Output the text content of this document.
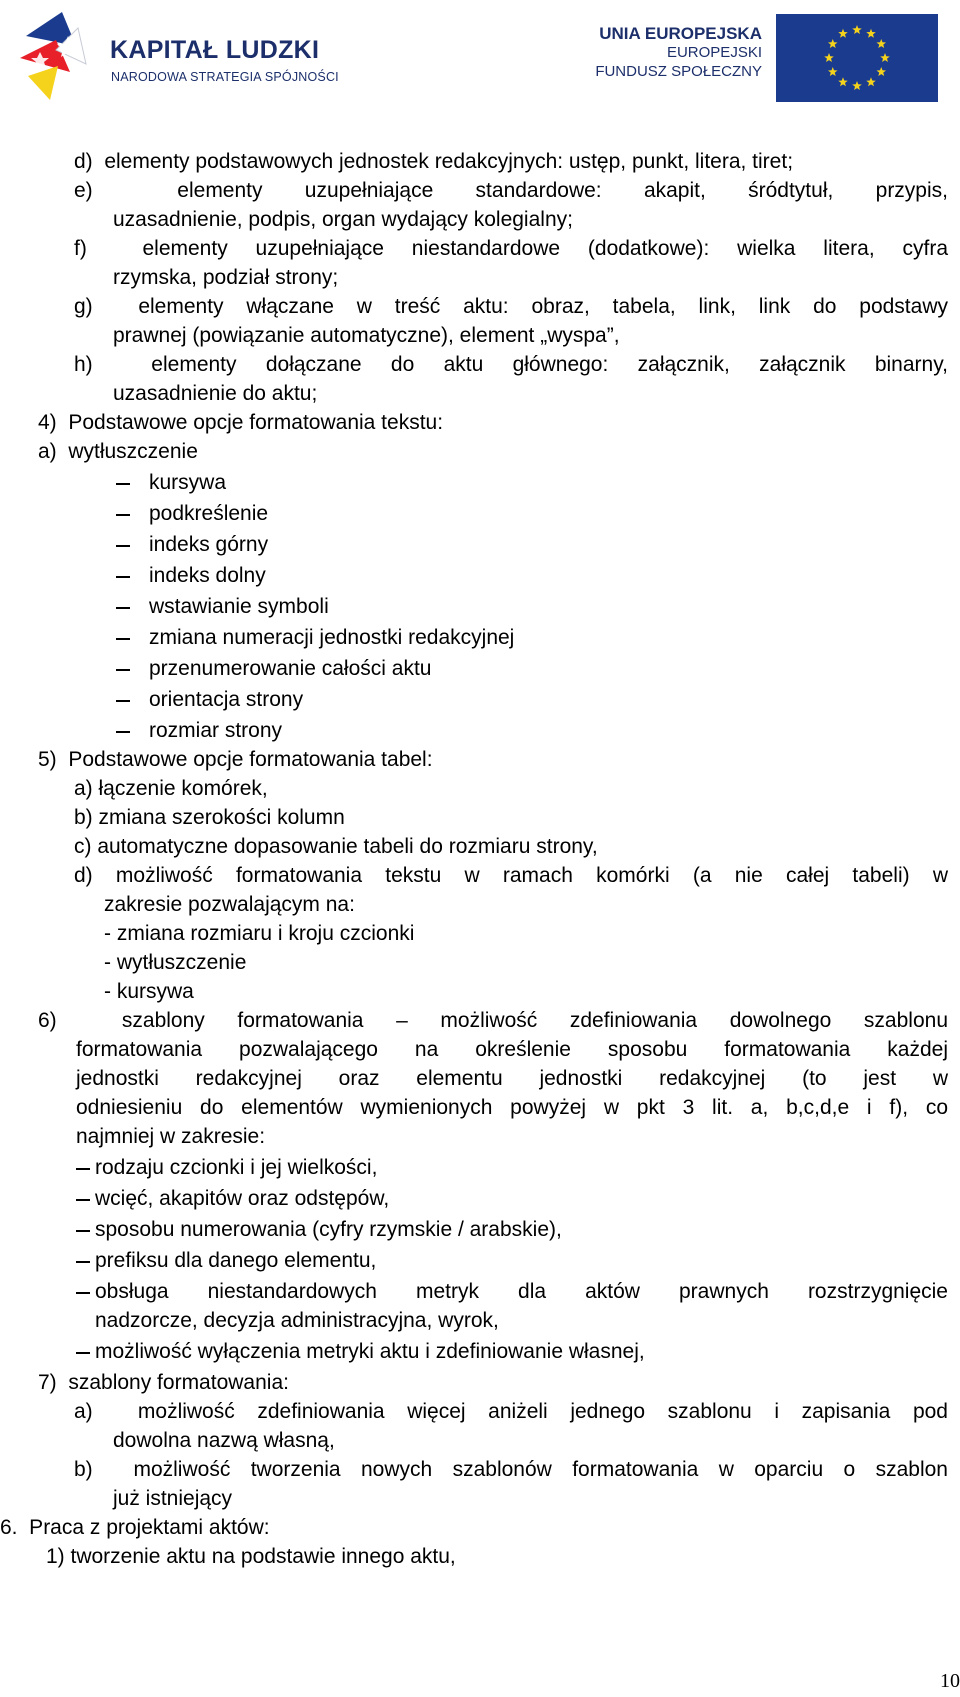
KAPITAŁ LUDZKI
NARODOWA STRATEGIA SPÓJNOŚCI
UNIA EUROPEJSKA
EUROPEJSKI
FUNDUSZ SPOŁECZNY
d)  elementy podstawowych jednostek redakcyjnych: ustęp, punkt, litera, tiret;
e)  elementy uzupełniające standardowe: akapit, śródtytuł, przypis,
uzasadnienie, podpis, organ wydający kolegialny;
f)  elementy uzupełniające niestandardowe (dodatkowe): wielka litera, cyfra
rzymska, podział strony;
g)  elementy włączane w treść aktu: obraz, tabela, link, link do podstawy
prawnej (powiązanie automatyczne), element „wyspa”,
h)  elementy dołączane do aktu głównego: załącznik, załącznik binarny,
uzasadnienie do aktu;
4)  Podstawowe opcje formatowania tekstu:
a)  wytłuszczenie
kursywa
podkreślenie
indeks górny
indeks dolny
wstawianie symboli
zmiana numeracji jednostki redakcyjnej
przenumerowanie całości aktu
orientacja strony
rozmiar strony
5)  Podstawowe opcje formatowania tabel:
a) łączenie komórek,
b) zmiana szerokości kolumn
c) automatyczne dopasowanie tabeli do rozmiaru strony,
d) możliwość formatowania tekstu w ramach komórki (a nie całej tabeli) w
zakresie pozwalającym na:
- zmiana rozmiaru i kroju czcionki
- wytłuszczenie
- kursywa
6)  szablony formatowania – możliwość zdefiniowania dowolnego szablonu
formatowania pozwalającego na określenie sposobu formatowania każdej
jednostki redakcyjnej oraz elementu jednostki redakcyjnej (to jest w
odniesieniu do elementów wymienionych powyżej w pkt 3 lit. a, b,c,d,e i f), co
najmniej w zakresie:
rodzaju czcionki i jej wielkości,
wcięć, akapitów oraz odstępów,
sposobu numerowania (cyfry rzymskie / arabskie),
prefiksu dla danego elementu,
obsługa niestandardowych metryk dla aktów prawnych rozstrzygnięcie
nadzorcze, decyzja administracyjna, wyrok,
możliwość wyłączenia metryki aktu i zdefiniowanie własnej,
7)  szablony formatowania:
a)  możliwość zdefiniowania więcej aniżeli jednego szablonu i zapisania pod
dowolna nazwą własną,
b)  możliwość tworzenia nowych szablonów formatowania w oparciu o szablon
już istniejący
6.  Praca z projektami aktów:
1) tworzenie aktu na podstawie innego aktu,
10
